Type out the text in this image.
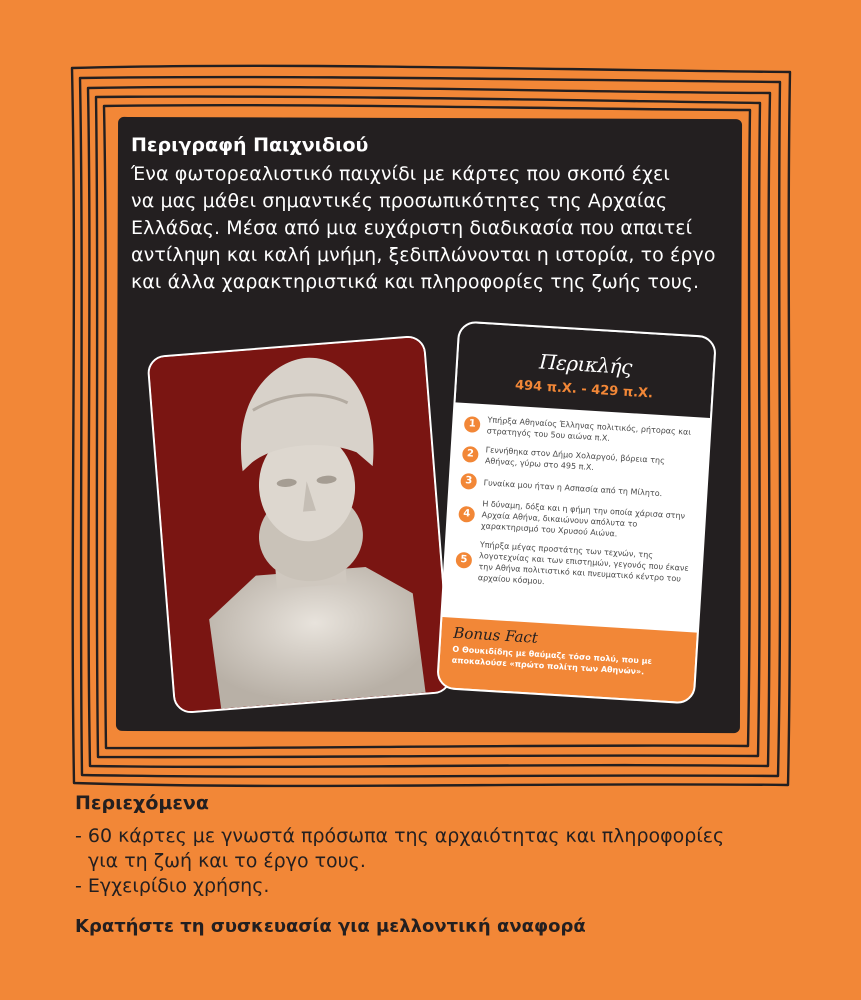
Περιγραφή Παιχνιδιού
Ένα φωτορεαλιστικό παιχνίδι με κάρτες που σκοπό έχει
να μας μάθει σημαντικές προσωπικότητες της Αρχαίας
Ελλάδας. Μέσα από μια ευχάριστη διαδικασία που απαιτεί
αντίληψη και καλή μνήμη, ξεδιπλώνονται η ιστορία, το έργο
και άλλα χαρακτηριστικά και πληροφορίες της ζωής τους.
Περικλής
494 π.Χ. - 429 π.Χ.
1	Υπήρξα Αθηναίος Έλληνας πολιτικός, ρήτορας και στρατηγός του 5ου αιώνα π.Χ.
2	Γεννήθηκα στον Δήμο Χολαργού, βόρεια της Αθήνας, γύρω στο 495 π.Χ.
3	Γυναίκα μου ήταν η Ασπασία από τη Μίλητο.
4	Η δύναμη, δόξα και η φήμη την οποία χάρισα στην Αρχαία Αθήνα, δικαιώνουν απόλυτα το χαρακτηρισμό του Χρυσού Αιώνα.
5	Υπήρξα μέγας προστάτης των τεχνών, της λογοτεχνίας και των επιστημών, γεγονός που έκανε την Αθήνα πολιτιστικό και πνευματικό κέντρο του αρχαίου κόσμου.
Bonus Fact
Ο Θουκιδίδης με θαύμαζε τόσο πολύ, που με αποκαλούσε «πρώτο πολίτη των Αθηνών».
Περιεχόμενα
- 60 κάρτες με γνωστά πρόσωπα της αρχαιότητας και πληροφορίες
για τη ζωή και το έργο τους.
- Εγχειρίδιο χρήσης.
Κρατήστε τη συσκευασία για μελλοντική αναφορά
